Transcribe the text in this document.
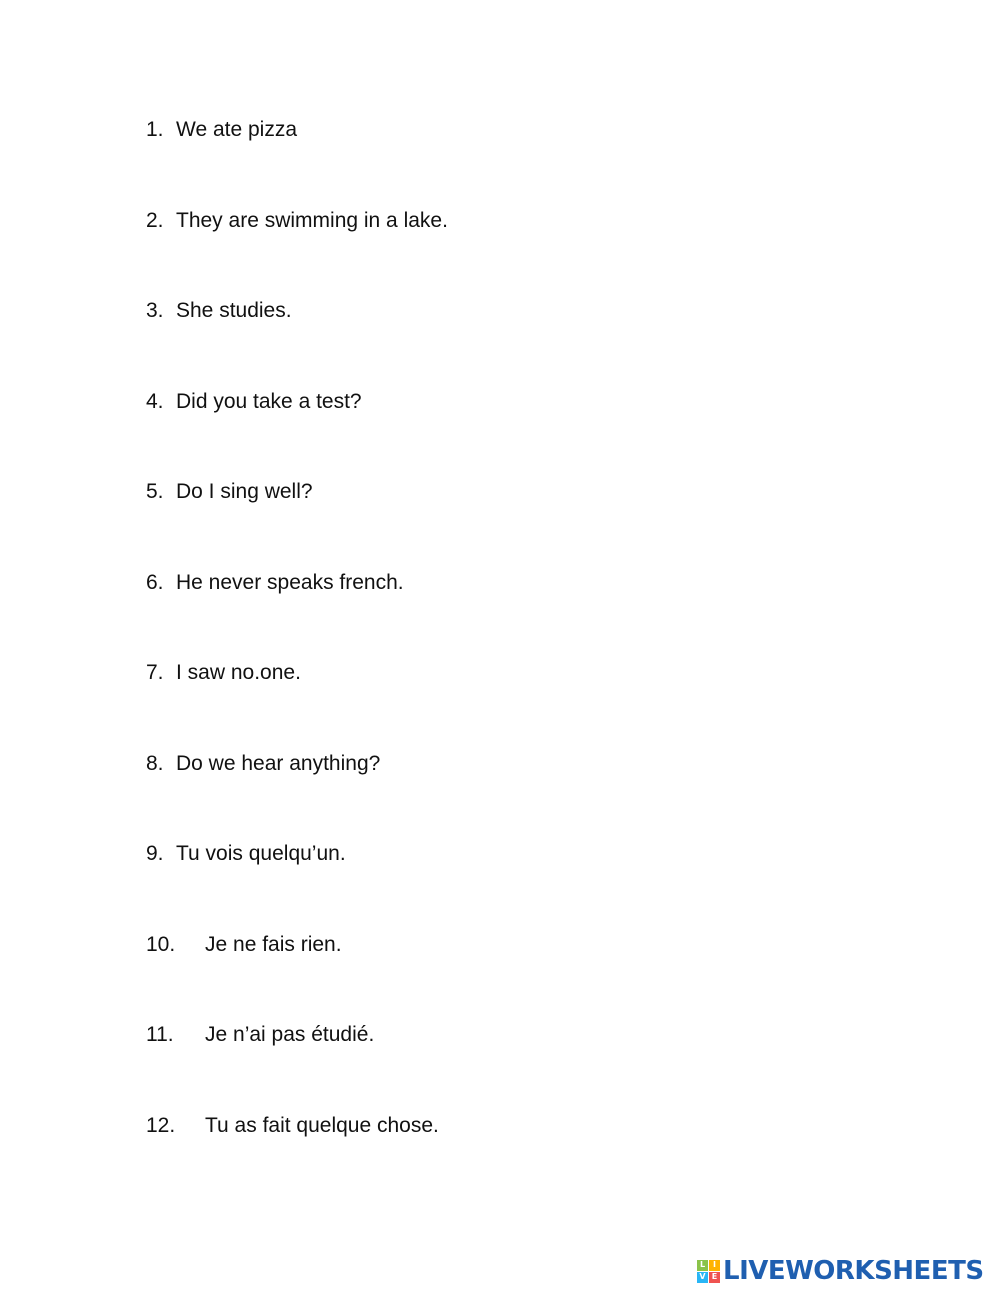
1. We ate pizza
2. They are swimming in a lake.
3. She studies.
4. Did you take a test?
5. Do I sing well?
6. He never speaks french.
7. I saw no.one.
8. Do we hear anything?
9. Tu vois quelqu’un.
10. Je ne fais rien.
11. Je n’ai pas étudié.
12. Tu as fait quelque chose.
L I
V E LIVEWORKSHEETS
